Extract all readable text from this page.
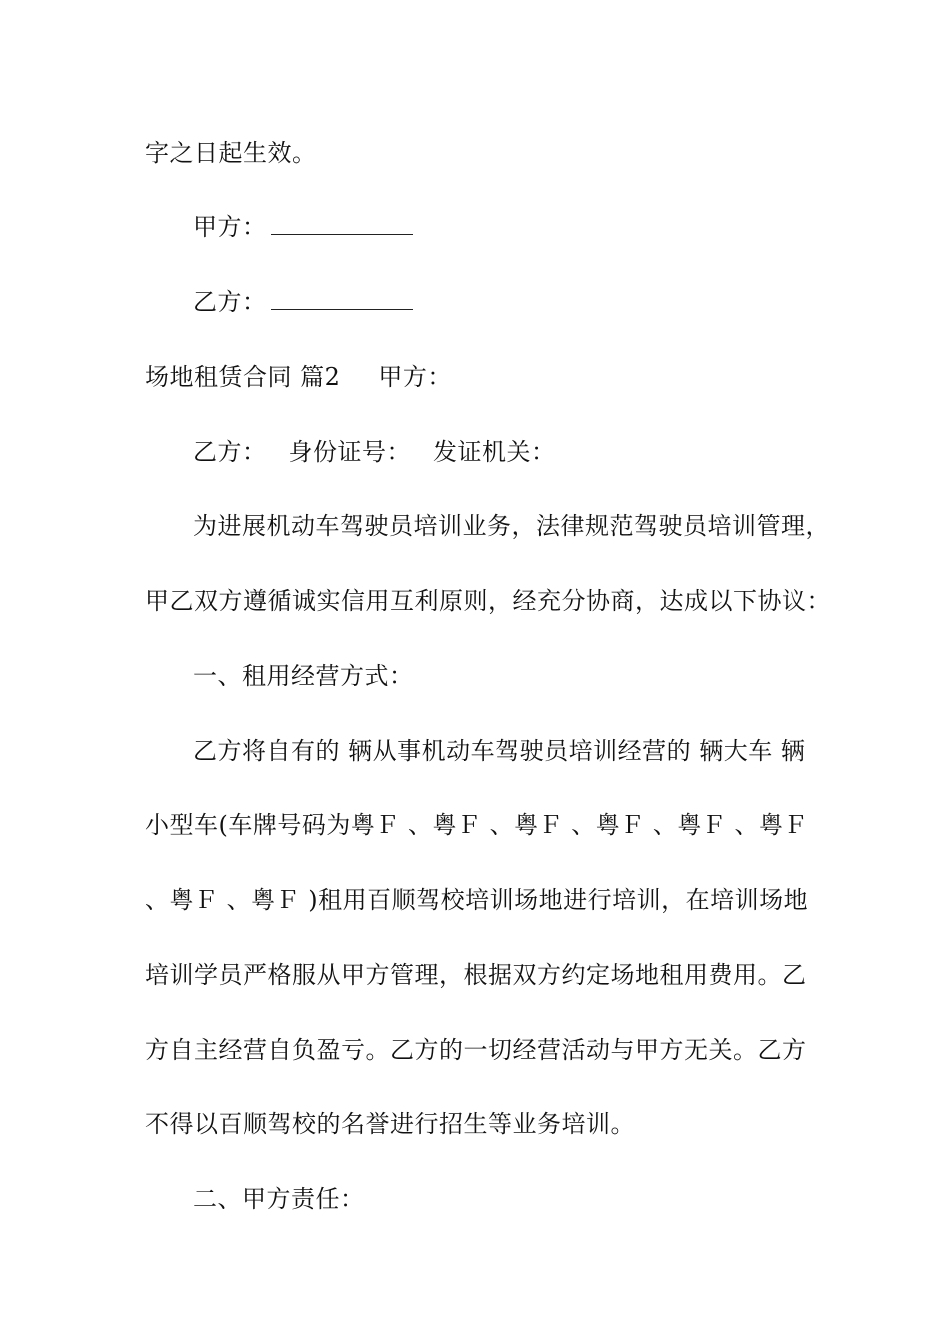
字之日起生效。
甲方：
乙方：
场地租赁合同 篇2 甲方：
乙方： 身份证号： 发证机关：
为进展机动车驾驶员培训业务，法律规范驾驶员培训管理，
甲乙双方遵循诚实信用互利原则，经充分协商，达成以下协议：
一、租用经营方式：
乙方将自有的 辆从事机动车驾驶员培训经营的 辆大车 辆
小型车(车牌号码为粤Ｆ 、粤Ｆ 、粤Ｆ 、粤Ｆ 、粤Ｆ 、粤Ｆ
、粤Ｆ 、粤Ｆ )租用百顺驾校培训场地进行培训，在培训场地
培训学员严格服从甲方管理，根据双方约定场地租用费用。乙
方自主经营自负盈亏。乙方的一切经营活动与甲方无关。乙方
不得以百顺驾校的名誉进行招生等业务培训。
二、甲方责任：
